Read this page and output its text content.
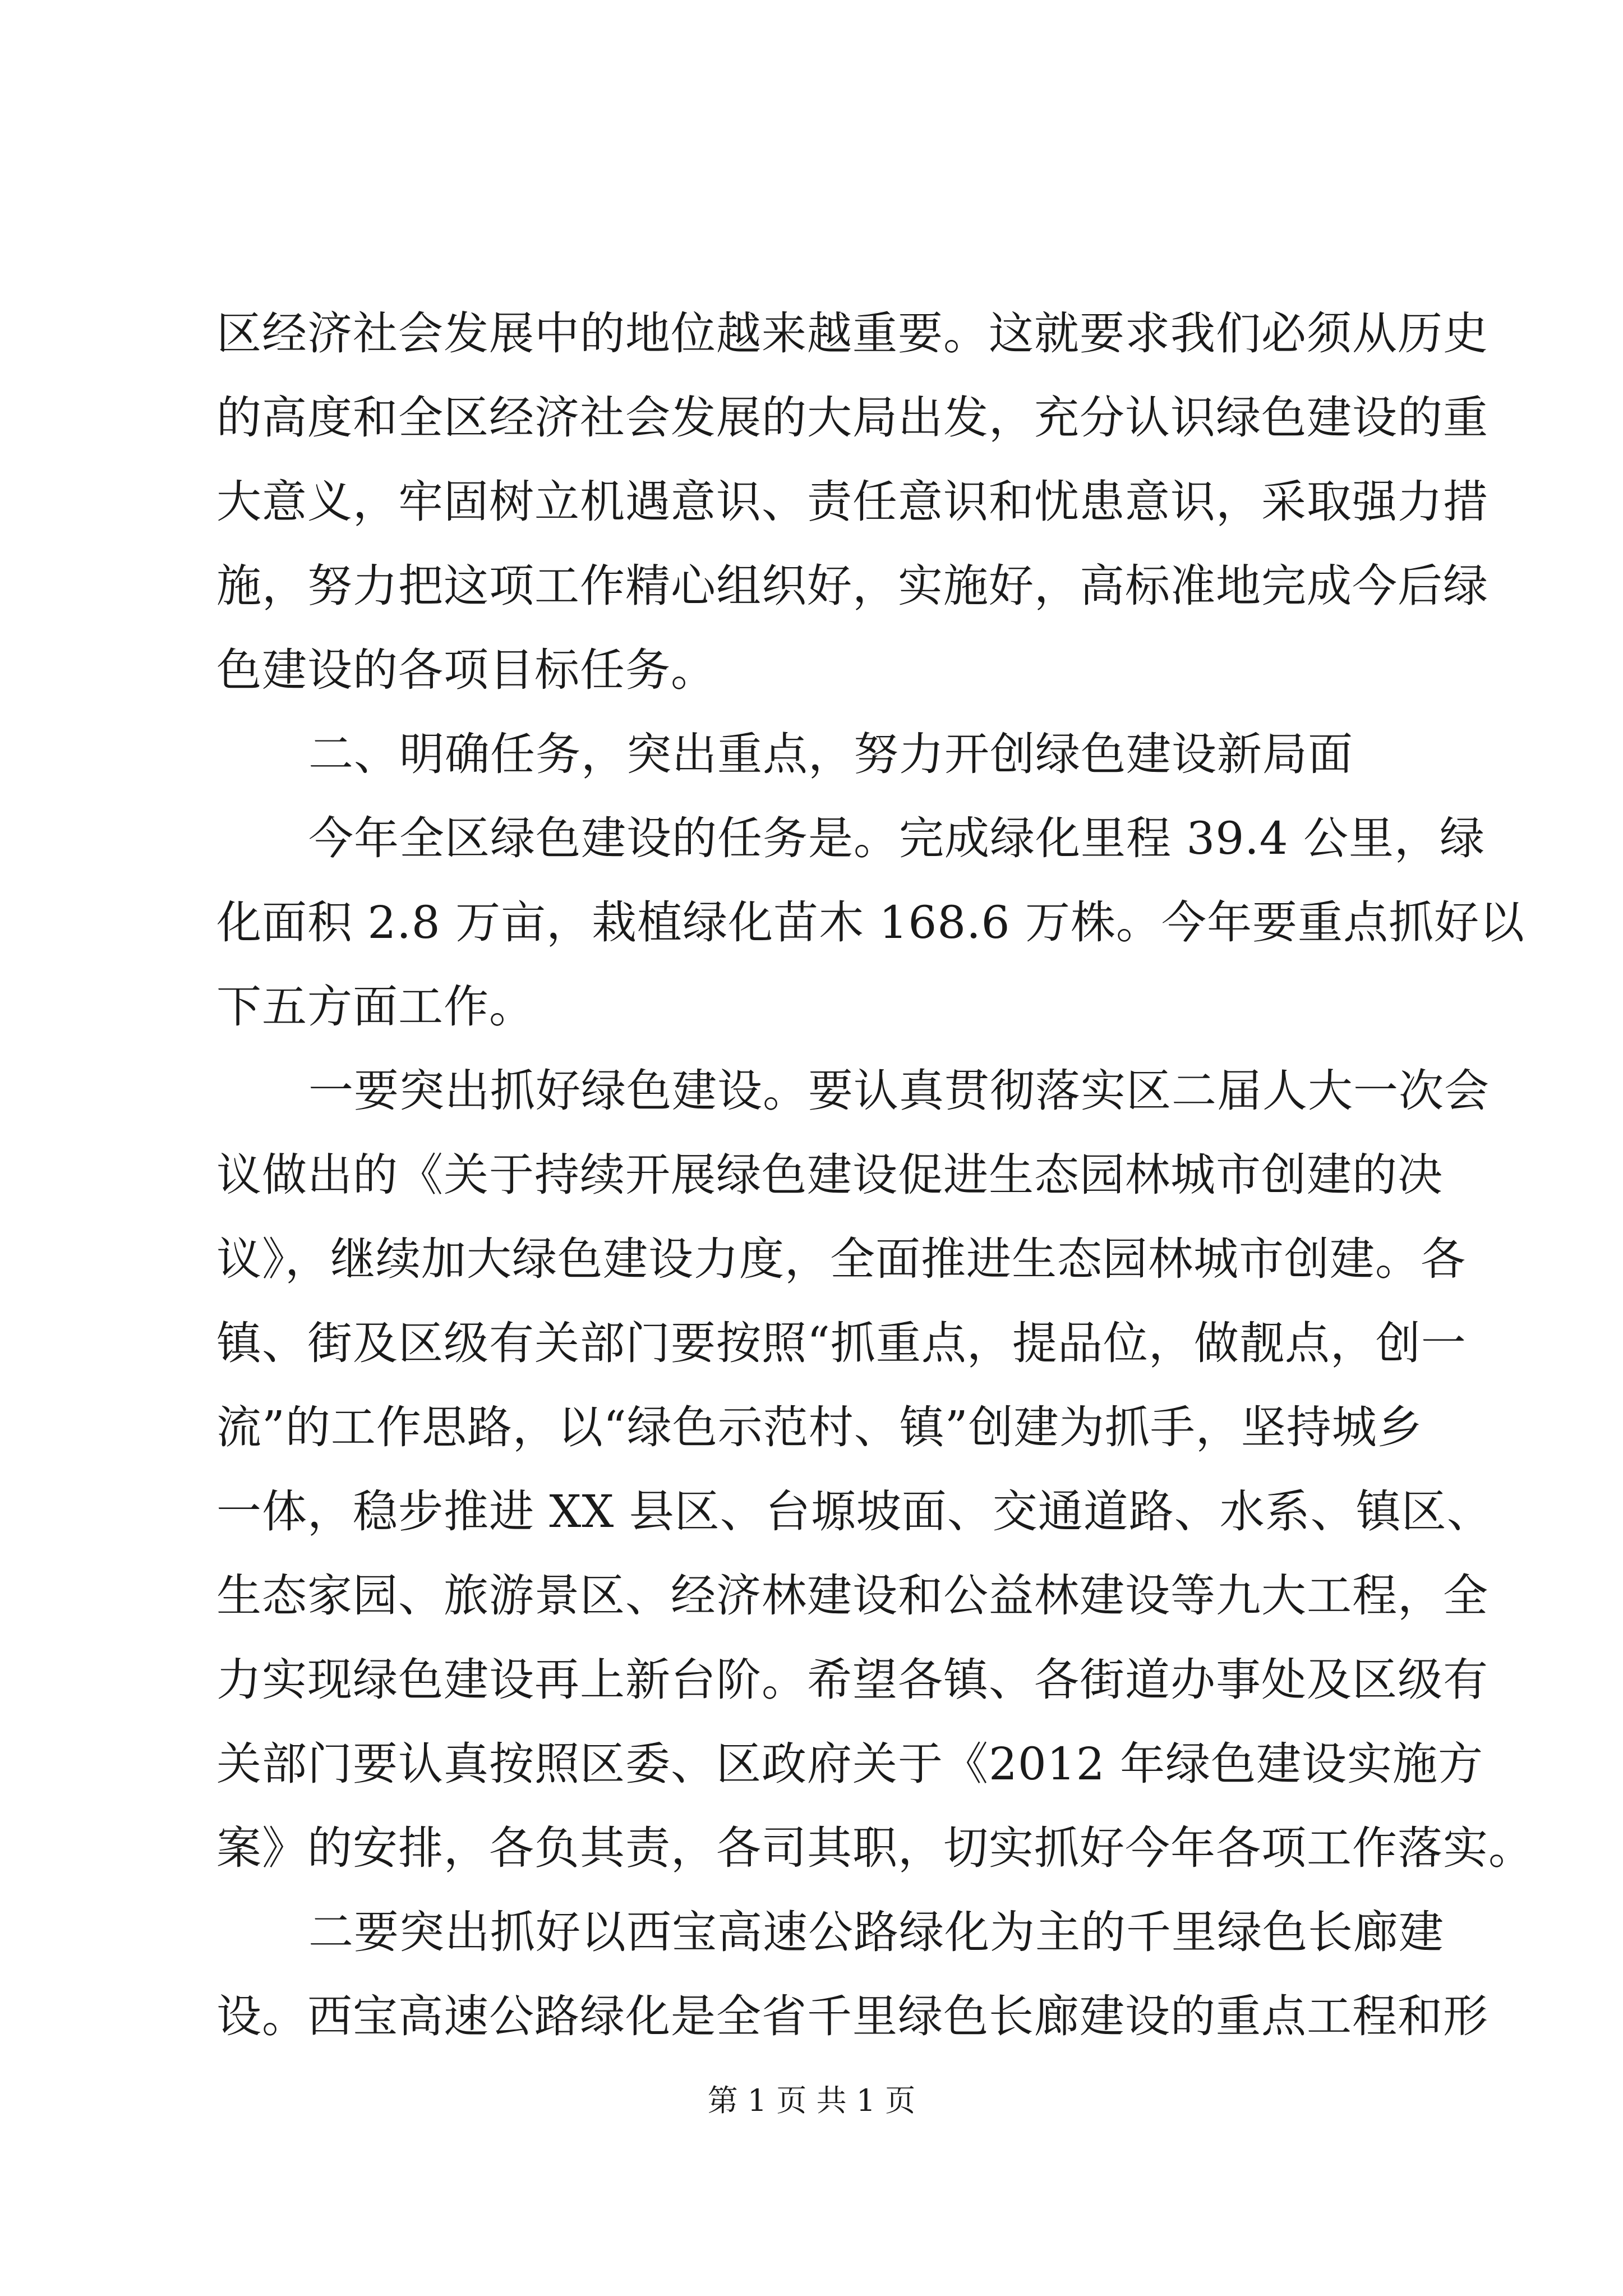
区经济社会发展中的地位越来越重要。这就要求我们必须从历史
的高度和全区经济社会发展的大局出发，充分认识绿色建设的重
大意义，牢固树立机遇意识、责任意识和忧患意识，采取强力措
施，努力把这项工作精心组织好，实施好，高标准地完成今后绿
色建设的各项目标任务。
二、明确任务，突出重点，努力开创绿色建设新局面
今年全区绿色建设的任务是。完成绿化里程 39.4 公里，绿
化面积 2.8 万亩，栽植绿化苗木 168.6 万株。今年要重点抓好以
下五方面工作。
一要突出抓好绿色建设。要认真贯彻落实区二届人大一次会
议做出的《关于持续开展绿色建设促进生态园林城市创建的决
议》，继续加大绿色建设力度，全面推进生态园林城市创建。各
镇、街及区级有关部门要按照“抓重点，提品位，做靓点，创一
流”的工作思路，以“绿色示范村、镇”创建为抓手，坚持城乡
一体，稳步推进 XX 县区、台塬坡面、交通道路、水系、镇区、
生态家园、旅游景区、经济林建设和公益林建设等九大工程，全
力实现绿色建设再上新台阶。希望各镇、各街道办事处及区级有
关部门要认真按照区委、区政府关于《2012 年绿色建设实施方
案》的安排，各负其责，各司其职，切实抓好今年各项工作落实。
二要突出抓好以西宝高速公路绿化为主的千里绿色长廊建
设。西宝高速公路绿化是全省千里绿色长廊建设的重点工程和形
第 1 页 共 1 页
